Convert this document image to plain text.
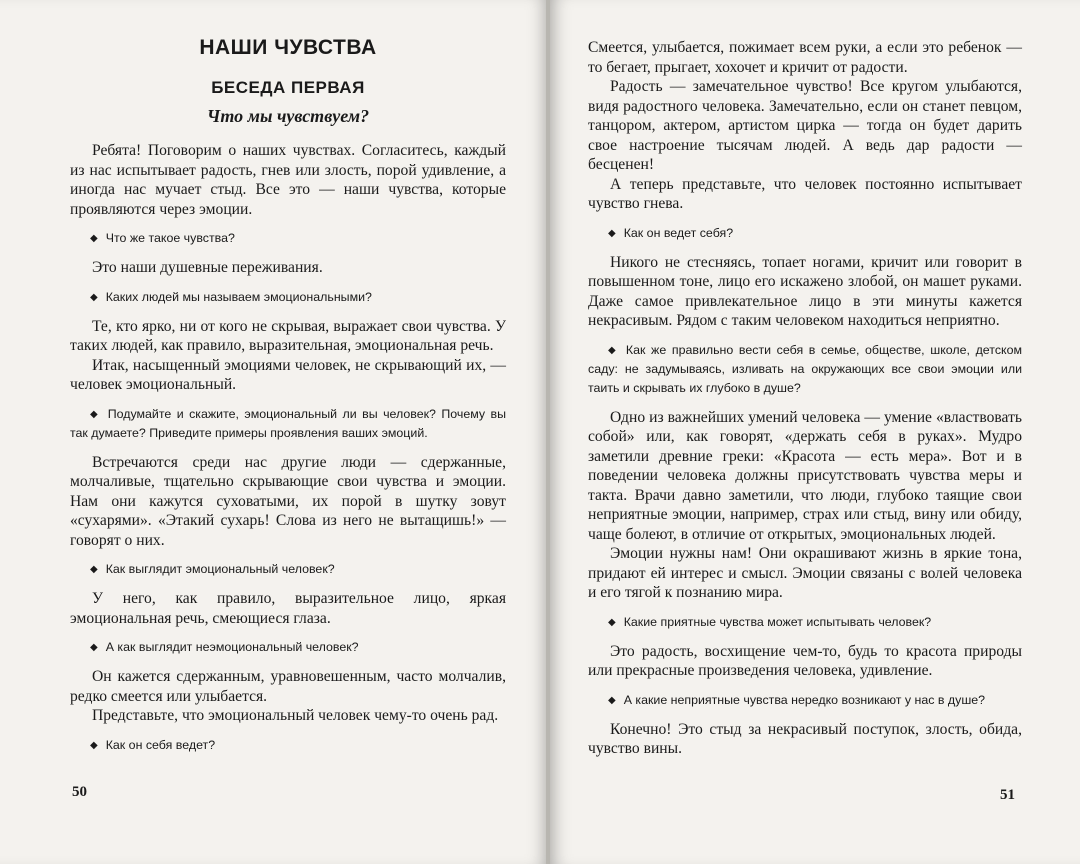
НАШИ ЧУВСТВА
БЕСЕДА ПЕРВАЯ
Что мы чувствуем?

Ребята! Поговорим о наших чувствах. Согласитесь, каждый из нас испытывает радость, гнев или злость, порой удивление, а иногда нас мучает стыд. Все это — наши чувства, которые проявляются через эмоции.

◆ Что же такое чувства?

Это наши душевные переживания.

◆ Каких людей мы называем эмоциональными?

Те, кто ярко, ни от кого не скрывая, выражает свои чувства. У таких людей, как правило, выразительная, эмоциональная речь.

Итак, насыщенный эмоциями человек, не скрывающий их, — человек эмоциональный.

◆ Подумайте и скажите, эмоциональный ли вы человек? Почему вы так думаете? Приведите примеры проявления ваших эмоций.

Встречаются среди нас другие люди — сдержанные, молчаливые, тщательно скрывающие свои чувства и эмоции. Нам они кажутся суховатыми, их порой в шутку зовут «сухарями». «Этакий сухарь! Слова из него не вытащишь!» — говорят о них.

◆ Как выглядит эмоциональный человек?

У него, как правило, выразительное лицо, яркая эмоциональная речь, смеющиеся глаза.

◆ А как выглядит неэмоциональный человек?

Он кажется сдержанным, уравновешенным, часто молчалив, редко смеется или улыбается.

Представьте, что эмоциональный человек чему-то очень рад.

◆ Как он себя ведет?

50

Смеется, улыбается, пожимает всем руки, а если это ребенок — то бегает, прыгает, хохочет и кричит от радости.

Радость — замечательное чувство! Все кругом улыбаются, видя радостного человека. Замечательно, если он станет певцом, танцором, актером, артистом цирка — тогда он будет дарить свое настроение тысячам людей. А ведь дар радости — бесценен!

А теперь представьте, что человек постоянно испытывает чувство гнева.

◆ Как он ведет себя?

Никого не стесняясь, топает ногами, кричит или говорит в повышенном тоне, лицо его искажено злобой, он машет руками. Даже самое привлекательное лицо в эти минуты кажется некрасивым. Рядом с таким человеком находиться неприятно.

◆ Как же правильно вести себя в семье, обществе, школе, детском саду: не задумываясь, изливать на окружающих все свои эмоции или таить и скрывать их глубоко в душе?

Одно из важнейших умений человека — умение «властвовать собой» или, как говорят, «держать себя в руках». Мудро заметили древние греки: «Красота — есть мера». Вот и в поведении человека должны присутствовать чувства меры и такта. Врачи давно заметили, что люди, глубоко таящие свои неприятные эмоции, например, страх или стыд, вину или обиду, чаще болеют, в отличие от открытых, эмоциональных людей.

Эмоции нужны нам! Они окрашивают жизнь в яркие тона, придают ей интерес и смысл. Эмоции связаны с волей человека и его тягой к познанию мира.

◆ Какие приятные чувства может испытывать человек?

Это радость, восхищение чем-то, будь то красота природы или прекрасные произведения человека, удивление.

◆ А какие неприятные чувства нередко возникают у нас в душе?

Конечно! Это стыд за некрасивый поступок, злость, обида, чувство вины.

51
